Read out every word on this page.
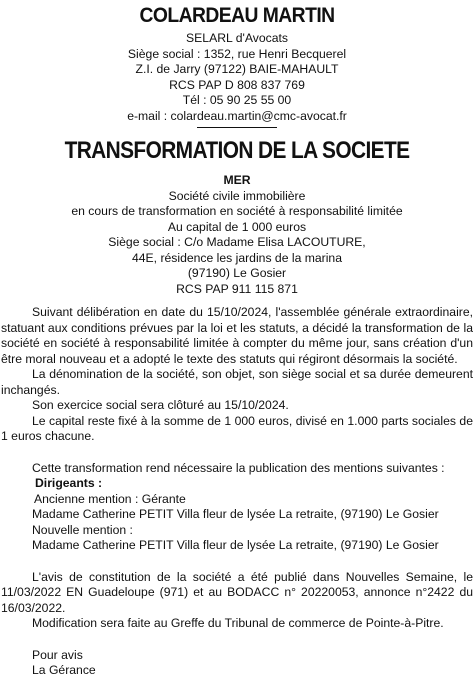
COLARDEAU MARTIN
SELARL d'Avocats
Siège social : 1352, rue Henri Becquerel
Z.I. de Jarry (97122) BAIE-MAHAULT
RCS PAP D 808 837 769
Tél : 05 90 25 55 00
e-mail : colardeau.martin@cmc-avocat.fr
TRANSFORMATION DE LA SOCIETE
MER
Société civile immobilière
en cours de transformation en société à responsabilité limitée
Au capital de 1 000 euros
Siège social : C/o Madame Elisa LACOUTURE,
44E, résidence les jardins de la marina
(97190) Le Gosier
RCS PAP 911 115 871

Suivant délibération en date du 15/10/2024, l'assemblée générale extraordinaire, statuant aux conditions prévues par la loi et les statuts, a décidé la transformation de la société en société à responsabilité limitée à compter du même jour, sans création d'un être moral nouveau et a adopté le texte des statuts qui régiront désormais la société.

La dénomination de la société, son objet, son siège social et sa durée demeurent inchangés.

Son exercice social sera clôturé au 15/10/2024.

Le capital reste fixé à la somme de 1 000 euros, divisé en 1.000 parts sociales de 1 euros chacune.

Cette transformation rend nécessaire la publication des mentions suivantes :

Dirigeants :
Ancienne mention : Gérante
Madame Catherine PETIT Villa fleur de lysée La retraite, (97190) Le Gosier
Nouvelle mention :
Madame Catherine PETIT Villa fleur de lysée La retraite, (97190) Le Gosier

L'avis de constitution de la société a été publié dans Nouvelles Semaine, le 11/03/2022 EN Guadeloupe (971) et au BODACC n° 20220053, annonce n°2422 du 16/03/2022.

Modification sera faite au Greffe du Tribunal de commerce de Pointe-à-Pitre.

Pour avis
La Gérance
